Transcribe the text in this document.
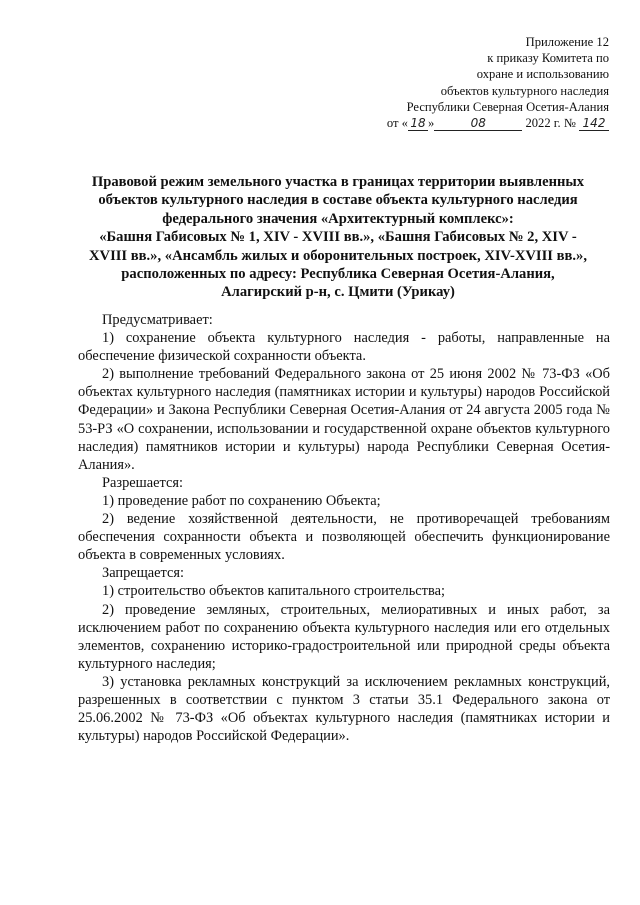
Приложение 12
к приказу Комитета по
охране и использованию
объектов культурного наследия
Республики Северная Осетия-Алания
от « 18 »	08	2022 г. № 142
Правовой режим земельного участка в границах территории выявленных
объектов культурного наследия в составе объекта культурного наследия
федерального значения «Архитектурный комплекс»:
«Башня Габисовых № 1, XIV - XVIII вв.», «Башня Габисовых № 2, XIV -
XVIII вв.», «Ансамбль жилых и оборонительных построек, XIV-XVIII вв.»,
расположенных по адресу: Республика Северная Осетия-Алания,
Алагирский р-н, с. Цмити (Урикау)

Предусматривает:

1) сохранение объекта культурного наследия - работы, направленные на обеспечение физической сохранности объекта.

2) выполнение требований Федерального закона от 25 июня 2002 № 73-ФЗ «Об объектах культурного наследия (памятниках истории и культуры) народов Российской Федерации» и Закона Республики Северная Осетия-Алания от 24 августа 2005 года № 53-РЗ «О сохранении, использовании и государственной охране объектов культурного наследия) памятников истории и культуры) народа Республики Северная Осетия-Алания».

Разрешается:

1) проведение работ по сохранению Объекта;

2) ведение хозяйственной деятельности, не противоречащей требованиям обеспечения сохранности объекта и позволяющей обеспечить функционирование объекта в современных условиях.

Запрещается:

1) строительство объектов капитального строительства;

2) проведение земляных, строительных, мелиоративных и иных работ, за исключением работ по сохранению объекта культурного наследия или его отдельных элементов, сохранению историко-градостроительной или природной среды объекта культурного наследия;

3) установка рекламных конструкций за исключением рекламных конструкций, разрешенных в соответствии с пунктом 3 статьи 35.1 Федерального закона от 25.06.2002 № 73-ФЗ «Об объектах культурного наследия (памятниках истории и культуры) народов Российской Федерации».
